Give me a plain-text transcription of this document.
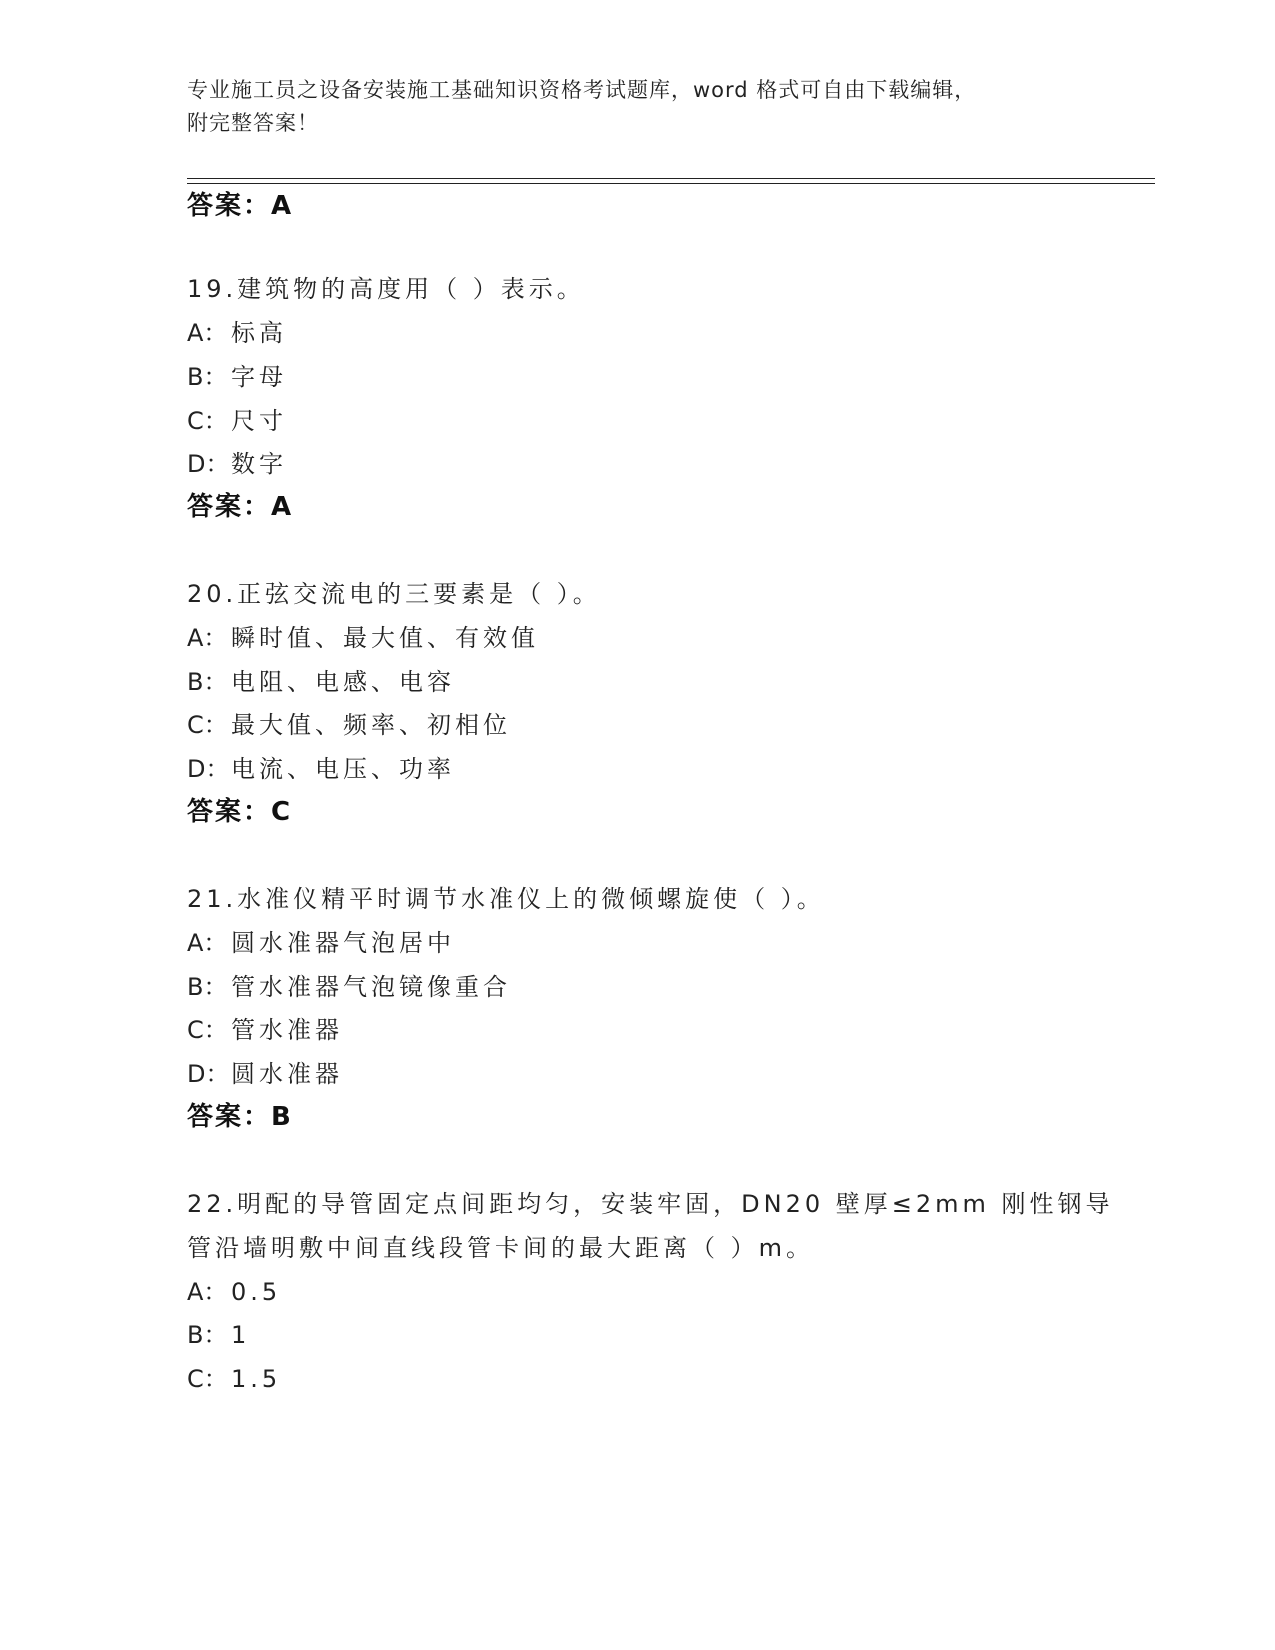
专业施工员之设备安装施工基础知识资格考试题库，word 格式可自由下载编辑，
附完整答案！
答案：A
19.建筑物的高度用（ ）表示。
A： 标高
B： 字母
C： 尺寸
D：数字
答案：A
20.正弦交流电的三要素是（ ）。
A： 瞬时值、最大值、有效值
B： 电阻、电感、电容
C： 最大值、频率、初相位
D：电流、电压、功率
答案：C
21.水准仪精平时调节水准仪上的微倾螺旋使（ ）。
A： 圆水准器气泡居中
B： 管水准器气泡镜像重合
C： 管水准器
D：圆水准器
答案：B
22.明配的导管固定点间距均匀，安装牢固，DN20 壁厚≤2mm 刚性钢导
管沿墙明敷中间直线段管卡间的最大距离（ ）m。
A： 0.5
B： 1
C： 1.5
